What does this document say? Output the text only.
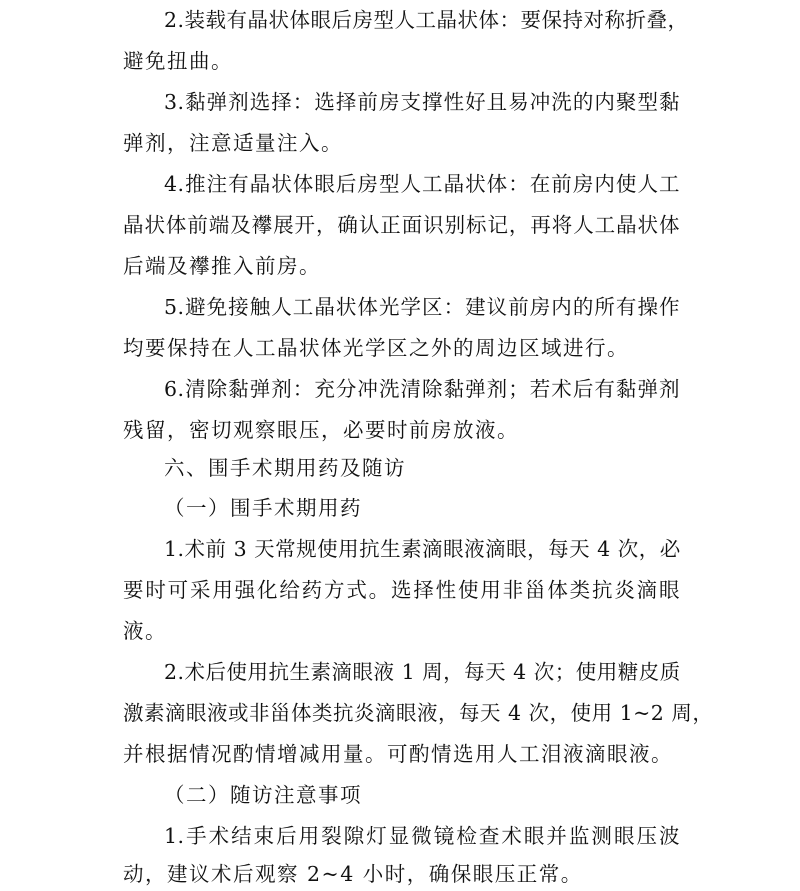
2.装载有晶状体眼后房型人工晶状体：要保持对称折叠，
避免扭曲。
3.黏弹剂选择：选择前房支撑性好且易冲洗的内聚型黏
弹剂，注意适量注入。
4.推注有晶状体眼后房型人工晶状体：在前房内使人工
晶状体前端及襻展开，确认正面识别标记，再将人工晶状体
后端及襻推入前房。
5.避免接触人工晶状体光学区：建议前房内的所有操作
均要保持在人工晶状体光学区之外的周边区域进行。
6.清除黏弹剂：充分冲洗清除黏弹剂；若术后有黏弹剂
残留，密切观察眼压，必要时前房放液。
六、围手术期用药及随访
（一）围手术期用药
1.术前 3 天常规使用抗生素滴眼液滴眼，每天 4 次，必
要时可采用强化给药方式。选择性使用非甾体类抗炎滴眼
液。
2.术后使用抗生素滴眼液 1 周，每天 4 次；使用糖皮质
激素滴眼液或非甾体类抗炎滴眼液，每天 4 次，使用 1~2 周，
并根据情况酌情增减用量。可酌情选用人工泪液滴眼液。
（二）随访注意事项
1.手术结束后用裂隙灯显微镜检查术眼并监测眼压波
动，建议术后观察 2~4 小时，确保眼压正常。
